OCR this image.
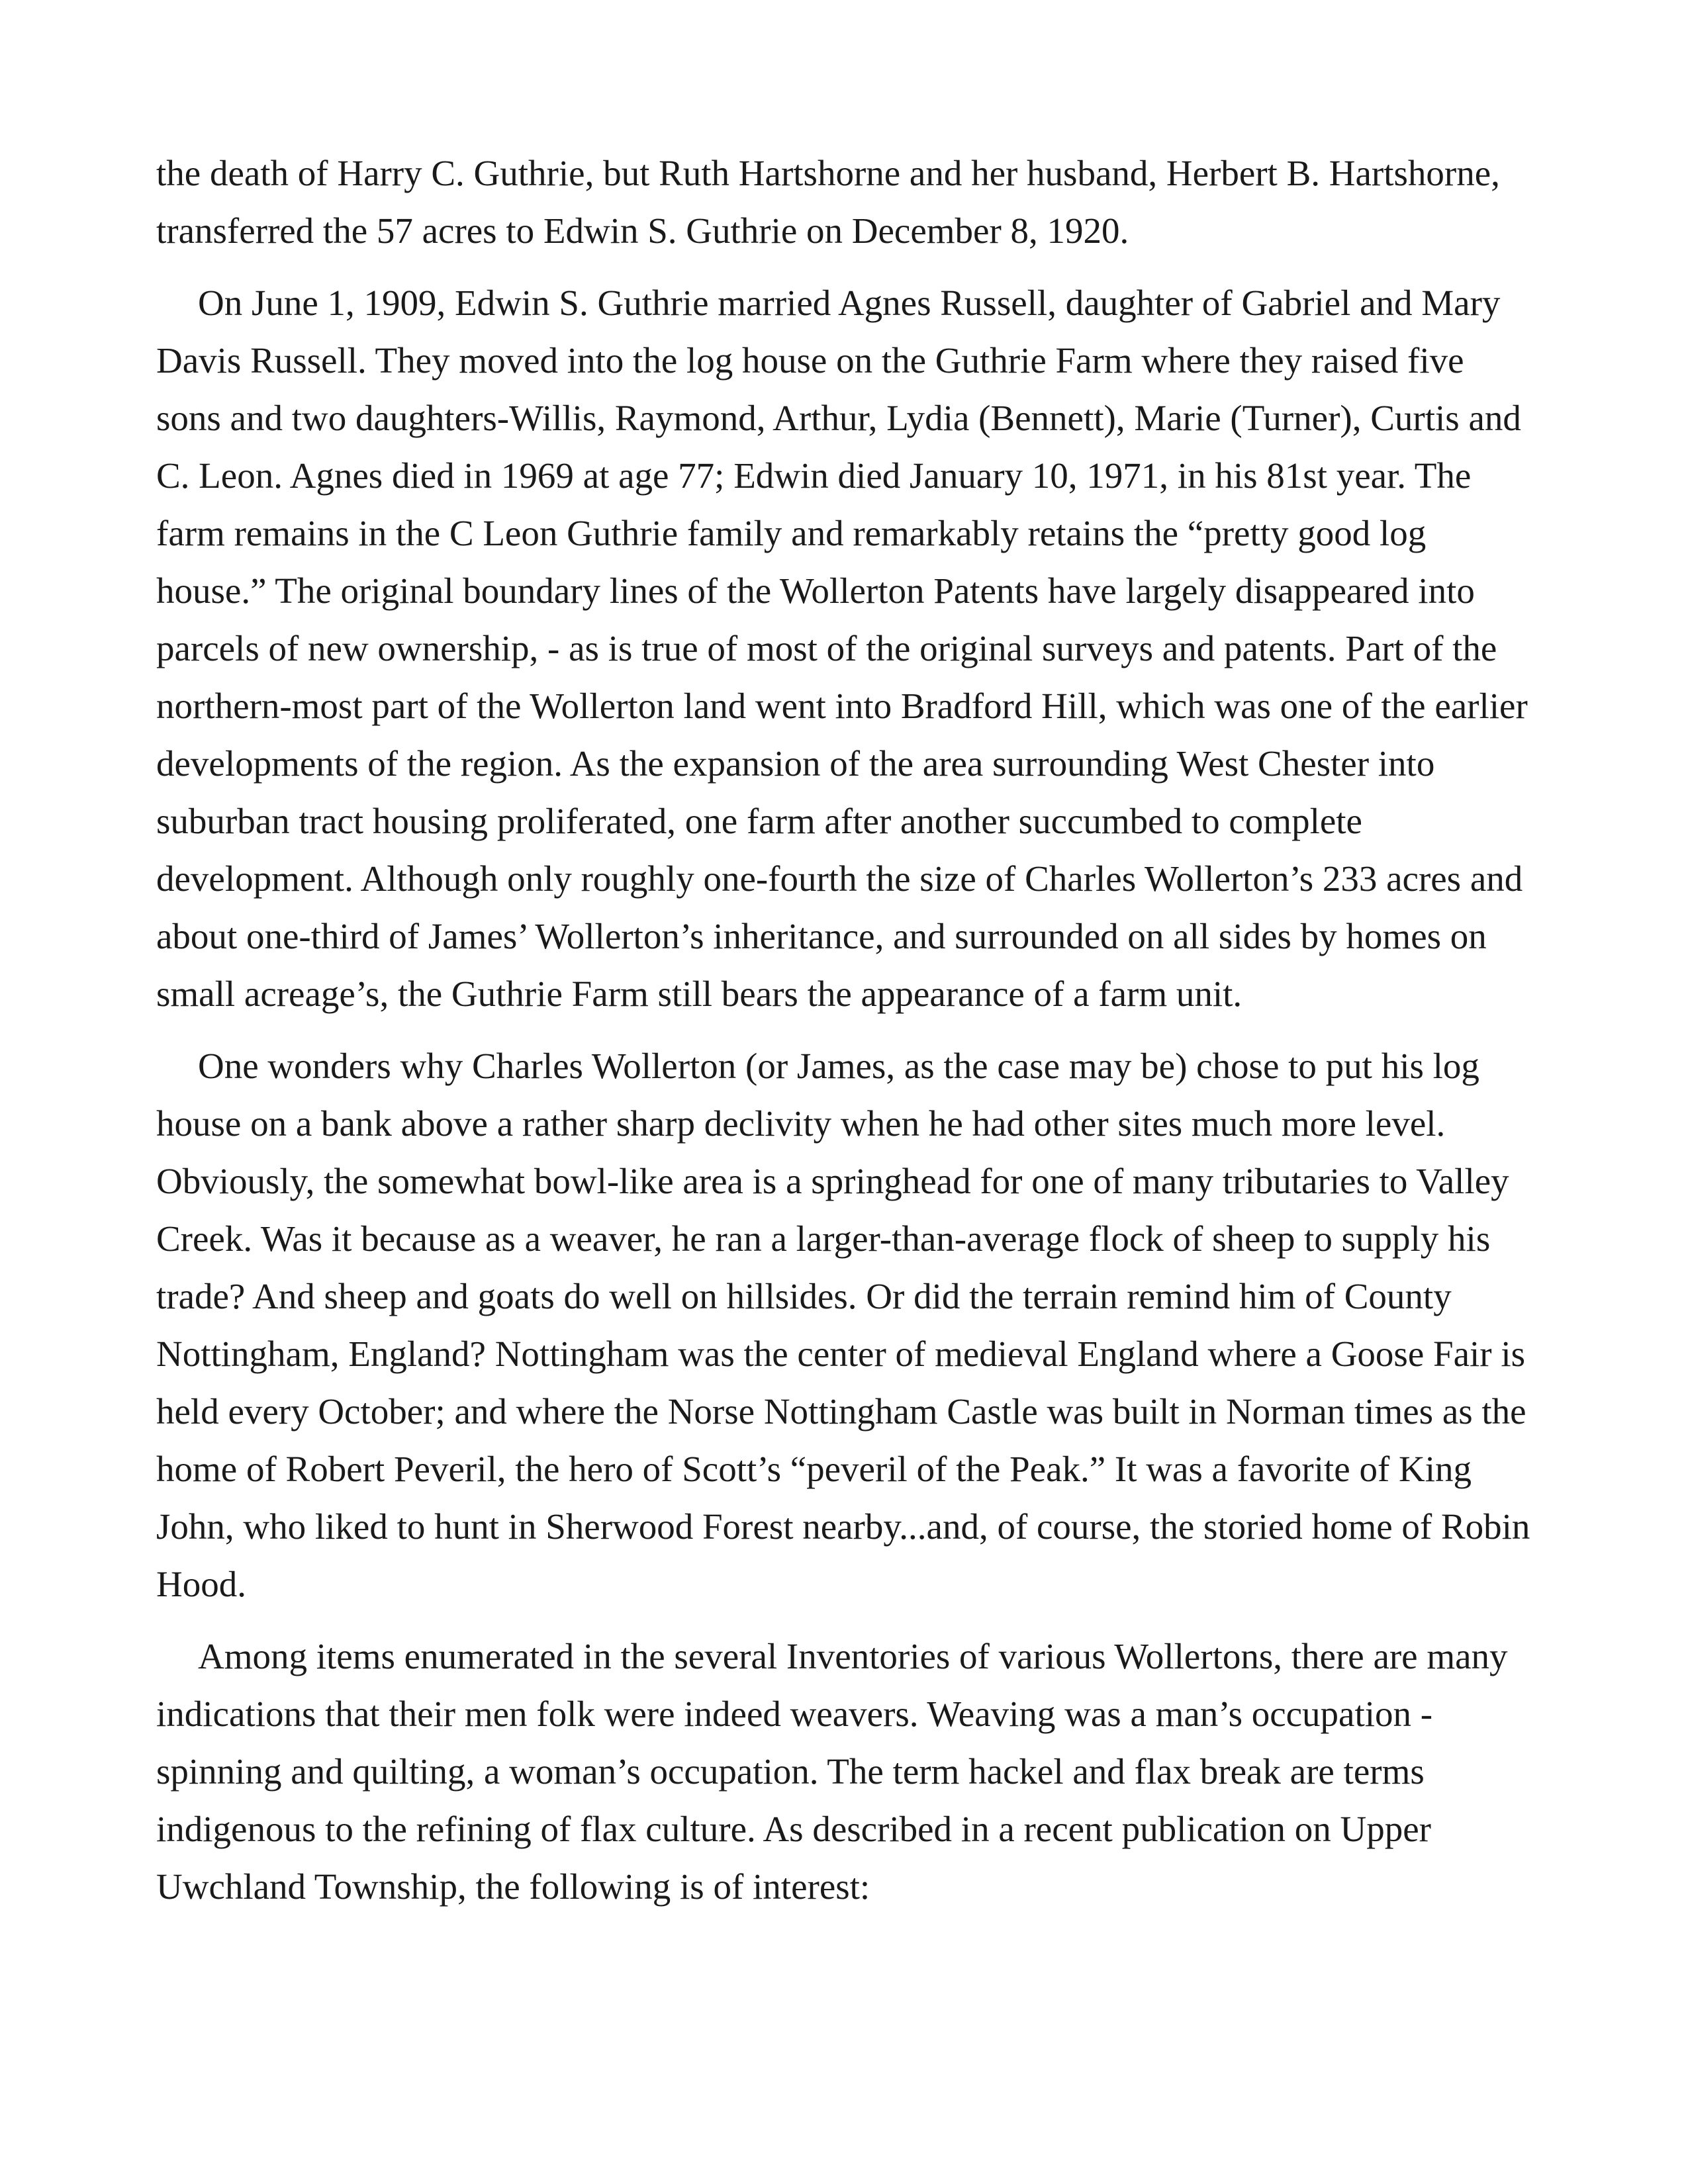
the death of Harry C. Guthrie, but Ruth Hartshorne and her husband, Herbert B. Hartshorne, transferred the 57 acres to Edwin S. Guthrie on December 8, 1920.

On June 1, 1909, Edwin S. Guthrie married Agnes Russell, daughter of Gabriel and Mary Davis Russell. They moved into the log house on the Guthrie Farm where they raised five sons and two daughters-Willis, Raymond, Arthur, Lydia (Bennett), Marie (Turner), Curtis and C. Leon. Agnes died in 1969 at age 77; Edwin died January 10, 1971, in his 81st year. The farm remains in the C Leon Guthrie family and remarkably retains the “pretty good log house.” The original boundary lines of the Wollerton Patents have largely disappeared into parcels of new ownership, - as is true of most of the original surveys and patents. Part of the northern-most part of the Wollerton land went into Bradford Hill, which was one of the earlier developments of the region. As the expansion of the area surrounding West Chester into suburban tract housing proliferated, one farm after another succumbed to complete development. Although only roughly one-fourth the size of Charles Wollerton’s 233 acres and about one-third of James’ Wollerton’s inheritance, and surrounded on all sides by homes on small acreage’s, the Guthrie Farm still bears the appearance of a farm unit.

One wonders why Charles Wollerton (or James, as the case may be) chose to put his log house on a bank above a rather sharp declivity when he had other sites much more level. Obviously, the somewhat bowl-like area is a springhead for one of many tributaries to Valley Creek. Was it because as a weaver, he ran a larger-than-average flock of sheep to supply his trade? And sheep and goats do well on hillsides. Or did the terrain remind him of County Nottingham, England? Nottingham was the center of medieval England where a Goose Fair is held every October; and where the Norse Nottingham Castle was built in Norman times as the home of Robert Peveril, the hero of Scott’s “peveril of the Peak.” It was a favorite of King John, who liked to hunt in Sherwood Forest nearby...and, of course, the storied home of Robin Hood.

Among items enumerated in the several Inventories of various Wollertons, there are many indications that their men folk were indeed weavers. Weaving was a man’s occupation - spinning and quilting, a woman’s occupation. The term hackel and flax break are terms indigenous to the refining of flax culture. As described in a recent publication on Upper Uwchland Township, the following is of interest:
